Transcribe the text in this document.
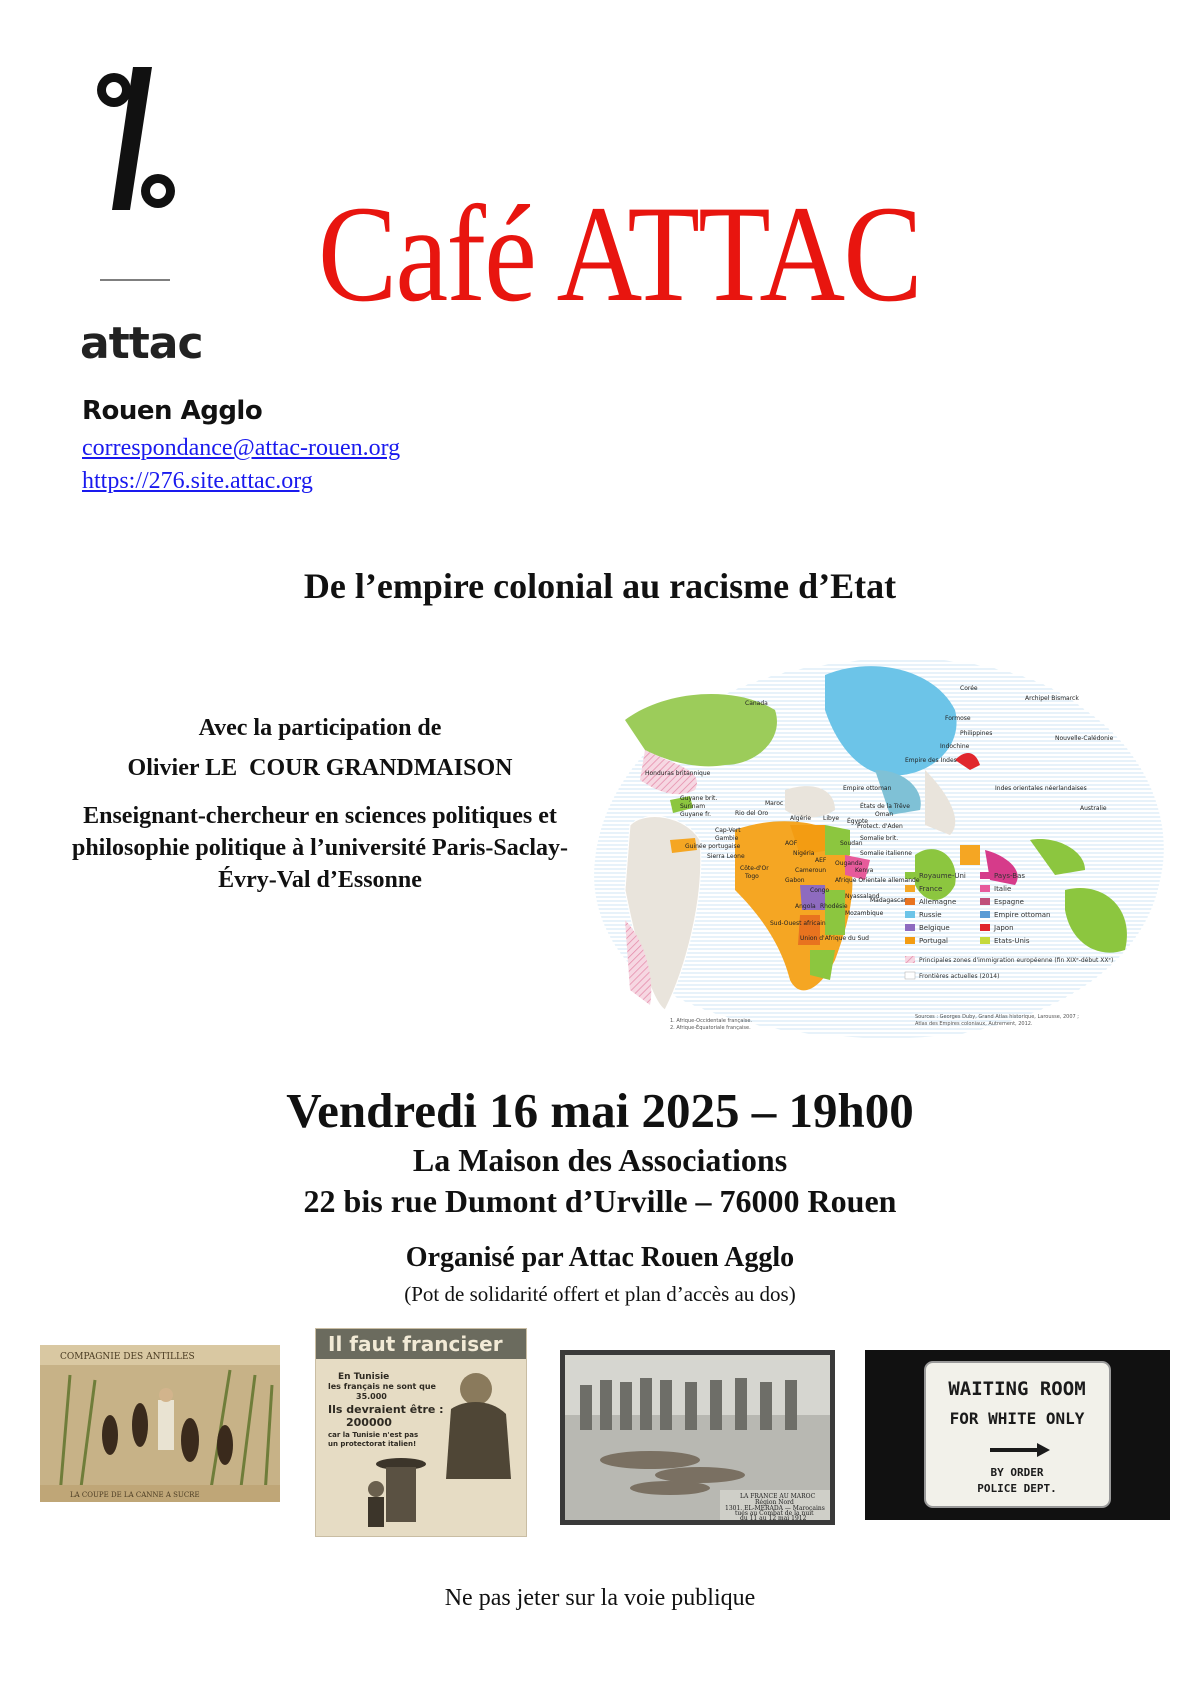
attac
Rouen Agglo
correspondance@attac-rouen.org
https://276.site.attac.org
Café ATTAC
De l’empire colonial au racisme d’Etat
Avec la participation de
Olivier LE  COUR GRANDMAISON
Enseignant-chercheur en sciences politiques et philosophie politique à l’université Paris-Saclay-Évry-Val d’Essonne	Royaume-Uni
France
Allemagne
Russie
Belgique
Portugal
Pays-Bas
Italie
Espagne
Empire ottoman
Japon
Etats-Unis
Principales zones d'immigration européenne (fin XIXᵉ-début XXᵉ)
Frontières actuelles (2014)
Sources : Georges Duby, Grand Atlas historique, Larousse, 2007 ;
Atlas des Empires coloniaux, Autrement, 2012.
1. Afrique-Occidentale française.
2. Afrique-Équatoriale française.
Canada
Honduras britannique
Guyane brit.
Surinam
Guyane fr.	Rio del Oro
Maroc
Algérie Libye Égypte
Cap-Vert
Gambie
Guinée portugaise
Sierra Leone
AOF
AEF
Nigéria
Côte-d'Or
Togo
Cameroun
Gabon
Congo
Angola
Soudan
Somalie brit.
Somalie italienne
Ouganda
Kenya
Afrique Orientale allemande
Nyassaland
Rhodésie
Mozambique
Madagascar
Sud-Ouest africain
Union d'Afrique du Sud
Protect. d'Aden
États de la Trêve
Oman
Empire ottoman
Empire des Indes
Indochine
Corée
Formose
Philippines
Archipel Bismarck
Nouvelle-Calédonie
Indes orientales néerlandaises
Australie
Vendredi 16 mai 2025 – 19h00
La Maison des Associations
22 bis rue Dumont d’Urville – 76000 Rouen
Organisé par Attac Rouen Agglo
(Pot de solidarité offert et plan d’accès au dos)
COMPAGNIE DES ANTILLES
LA COUPE DE LA CANNE A SUCRE
Il faut franciser
En Tunisie
les français ne sont que
35.000
Ils devraient être :
200000
car la Tunisie n'est pas
un protectorat italien!
LA FRANCE AU MAROC
Région Nord
1301. EL-MERADA — Marocains
tués au Combat de la nuit
du 11 au 12 mai 1912
WAITING ROOM
FOR WHITE ONLY
BY ORDER
POLICE DEPT.
Ne pas jeter sur la voie publique
